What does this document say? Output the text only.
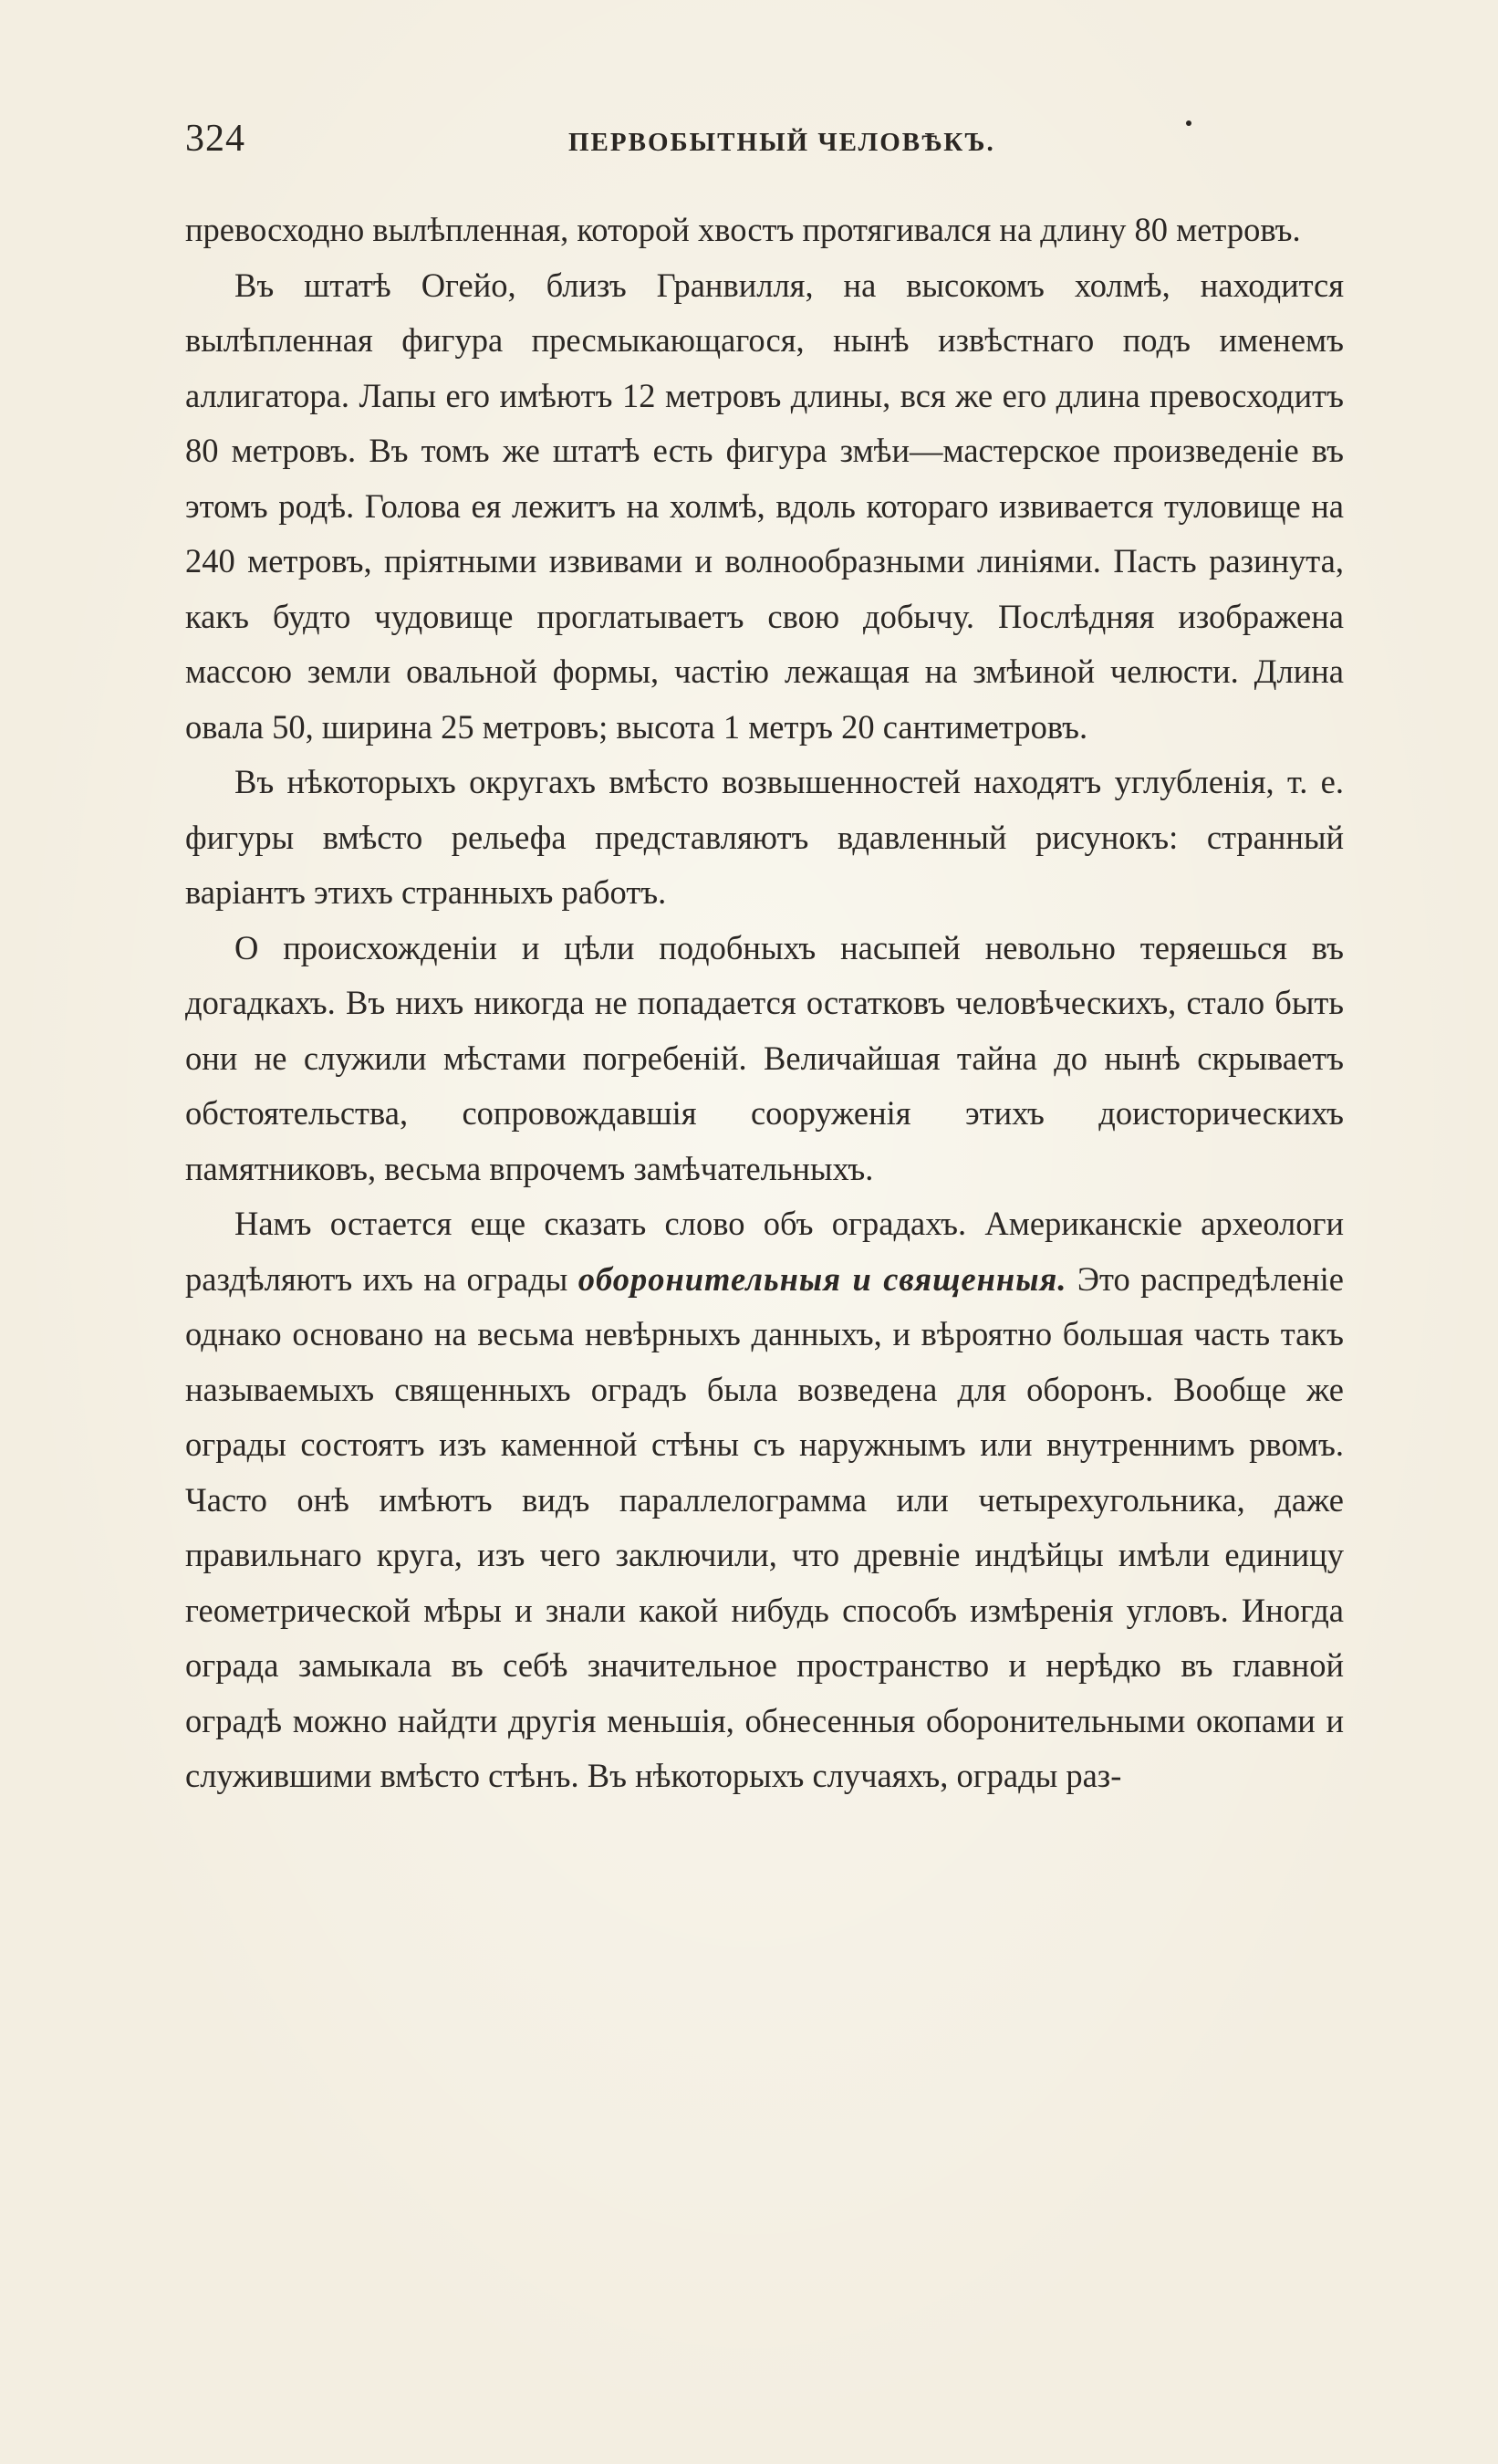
324	ПЕРВОБЫТНЫЙ ЧЕЛОВѢКЪ.

превосходно вылѣпленная, которой хвостъ протягивался на длину 80 метровъ.

Въ штатѣ Огейо, близъ Гранвилля, на высокомъ холмѣ, находится вылѣпленная фигура пресмыкающагося, нынѣ извѣстнаго подъ именемъ аллигатора. Лапы его имѣютъ 12 метровъ длины, вся же его длина превосходитъ 80 метровъ. Въ томъ же штатѣ есть фигура змѣи—мастерское произведенiе въ этомъ родѣ. Голова ея лежитъ на холмѣ, вдоль котораго извивается туловище на 240 метровъ, прiятными извивами и волнообразными линiями. Пасть разинута, какъ будто чудовище проглатываетъ свою добычу. Послѣдняя изображена массою земли овальной формы, частiю лежащая на змѣиной челюсти. Длина овала 50, ширина 25 метровъ; высота 1 метръ 20 сантиметровъ.

Въ нѣкоторыхъ округахъ вмѣсто возвышенностей находятъ углубленiя, т. е. фигуры вмѣсто рельефа представляютъ вдавленный рисунокъ: странный варiантъ этихъ странныхъ работъ.

О происхожденiи и цѣли подобныхъ насыпей невольно теряешься въ догадкахъ. Въ нихъ никогда не попадается остатковъ человѣческихъ, стало быть они не служили мѣстами погребенiй. Величайшая тайна до нынѣ скрываетъ обстоятельства, сопровождавшiя сооруженiя этихъ доисторическихъ памятниковъ, весьма впрочемъ замѣчательныхъ.

Намъ остается еще сказать слово объ оградахъ. Американскiе археологи раздѣляютъ ихъ на ограды оборонительныя и священныя. Это распредѣленiе однако основано на весьма невѣрныхъ данныхъ, и вѣроятно большая часть такъ называемыхъ священныхъ оградъ была возведена для оборонъ. Вообще же ограды состоятъ изъ каменной стѣны съ наружнымъ или внутреннимъ рвомъ. Часто онѣ имѣютъ видъ параллелограмма или четырехугольника, даже правильнаго круга, изъ чего заключили, что древнiе индѣйцы имѣли единицу геометрической мѣры и знали какой нибудь способъ измѣренiя угловъ. Иногда ограда замыкала въ себѣ значительное пространство и нерѣдко въ главной оградѣ можно найдти другiя меньшiя, обнесенныя оборонительными окопами и служившими вмѣсто стѣнъ. Въ нѣкоторыхъ случаяхъ, ограды раз-
